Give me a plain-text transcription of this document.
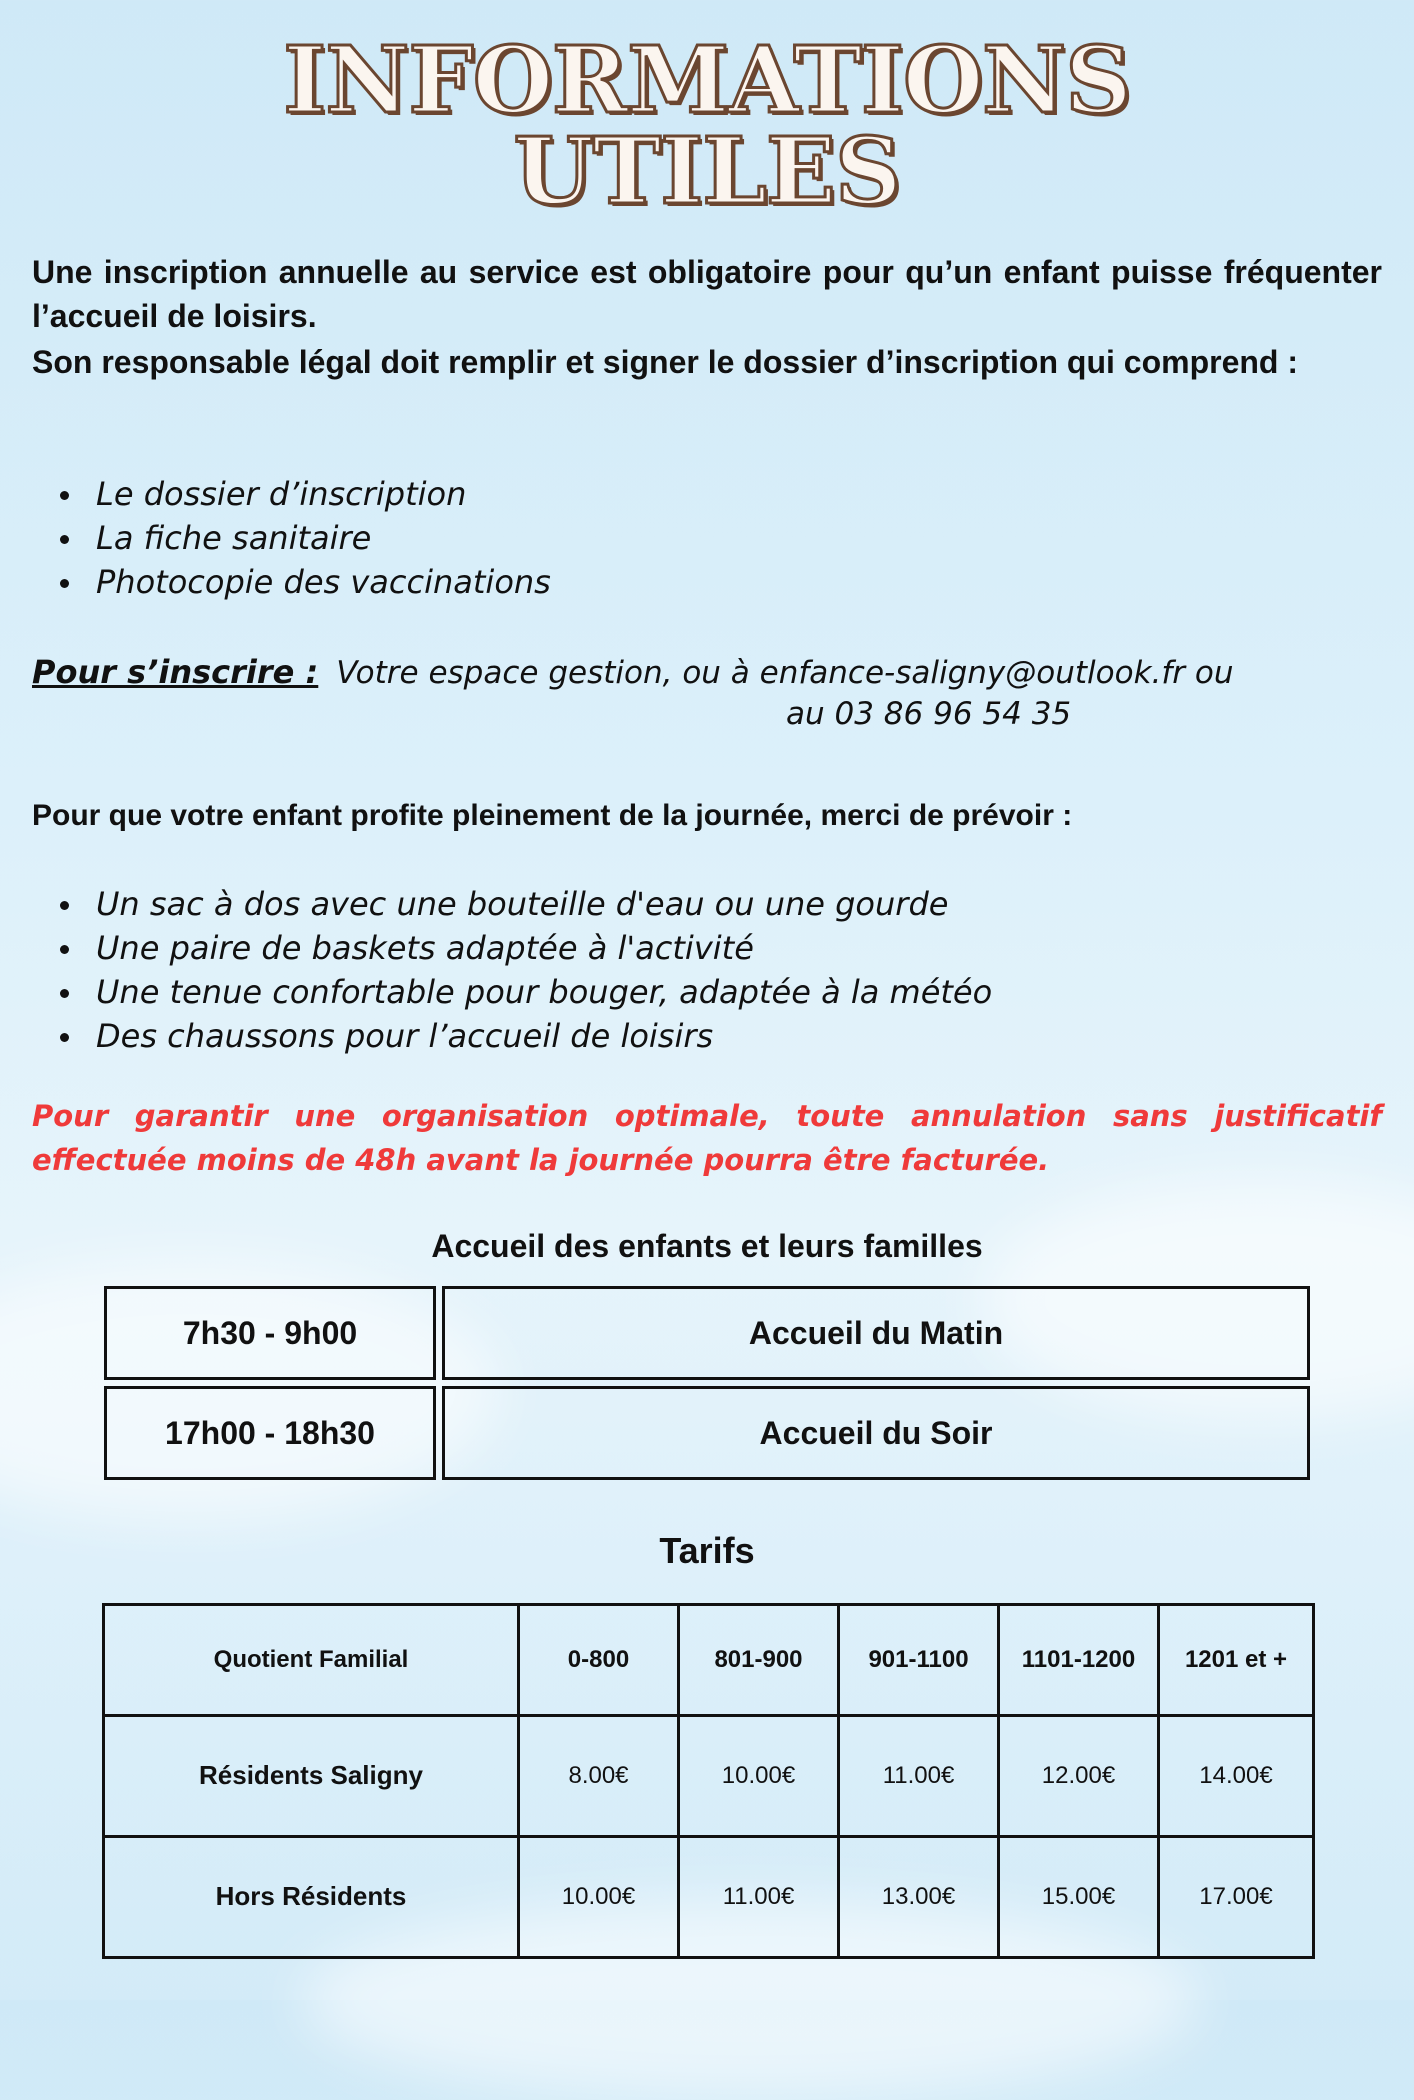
INFORMATIONS
UTILES
Une inscription annuelle au service est obligatoire pour qu’un enfant puisse fréquenter l’accueil de loisirs.
Son responsable légal doit remplir et signer le dossier d’inscription qui comprend :
Le dossier d’inscription
La fiche sanitaire
Photocopie des vaccinations
Pour s’inscrire : Votre espace gestion, ou à enfance-saligny@outlook.fr ou
au 03 86 96 54 35
Pour que votre enfant profite pleinement de la journée, merci de prévoir :
Un sac à dos avec une bouteille d'eau ou une gourde
Une paire de baskets adaptée à l'activité
Une tenue confortable pour bouger, adaptée à la météo
Des chaussons pour l’accueil de loisirs
Pour garantir une organisation optimale, toute annulation sans justificatif effectuée moins de 48h avant la journée pourra être facturée.
Accueil des enfants et leurs familles
7h30 - 9h00	Accueil du Matin
17h00 - 18h30	Accueil du Soir
Tarifs
Quotient Familial	0-800	801-900	901-1100	1101-1200	1201 et +
Résidents Saligny	8.00€	10.00€	11.00€	12.00€	14.00€
Hors Résidents	10.00€	11.00€	13.00€	15.00€	17.00€
